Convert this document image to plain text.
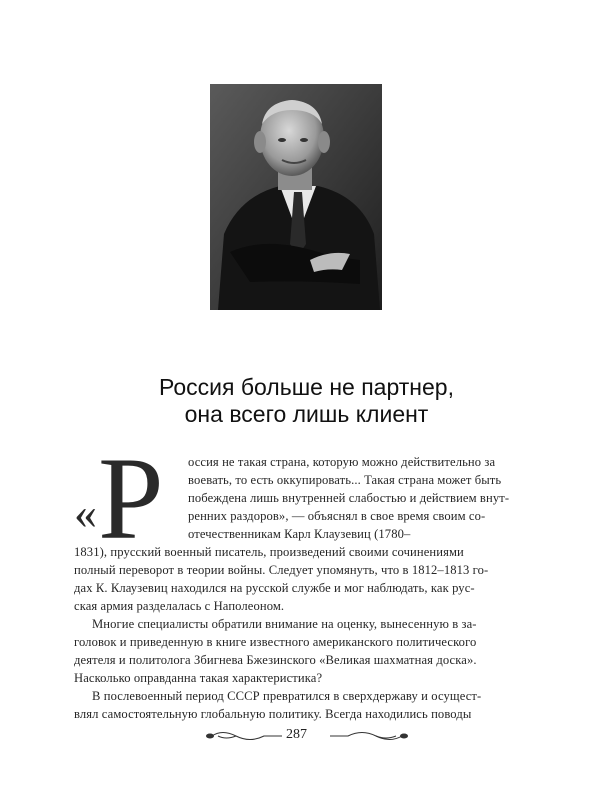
Россия больше не партнер,
она всего лишь клиент
« Р оссия не такая страна, которую можно действительно за
воевать, то есть оккупировать... Такая страна может быть
побеждена лишь внутренней слабостью и действием внут-
ренних раздоров», — объяснял в свое время своим со-
отечественникам Карл Клаузевиц (1780–
1831), прусский военный писатель, произведений своими сочинениями
полный переворот в теории войны. Следует упомянуть, что в 1812–1813 го-
дах К. Клаузевиц находился на русской службе и мог наблюдать, как рус-
ская армия разделалась с Наполеоном.
Многие специалисты обратили внимание на оценку, вынесенную в за-
головок и приведенную в книге известного американского политического
деятеля и политолога Збигнева Бжезинского «Великая шахматная доска».
Насколько оправданна такая характеристика?
В послевоенный период СССР превратился в сверхдержаву и осущест-
влял самостоятельную глобальную политику. Всегда находились поводы
287
